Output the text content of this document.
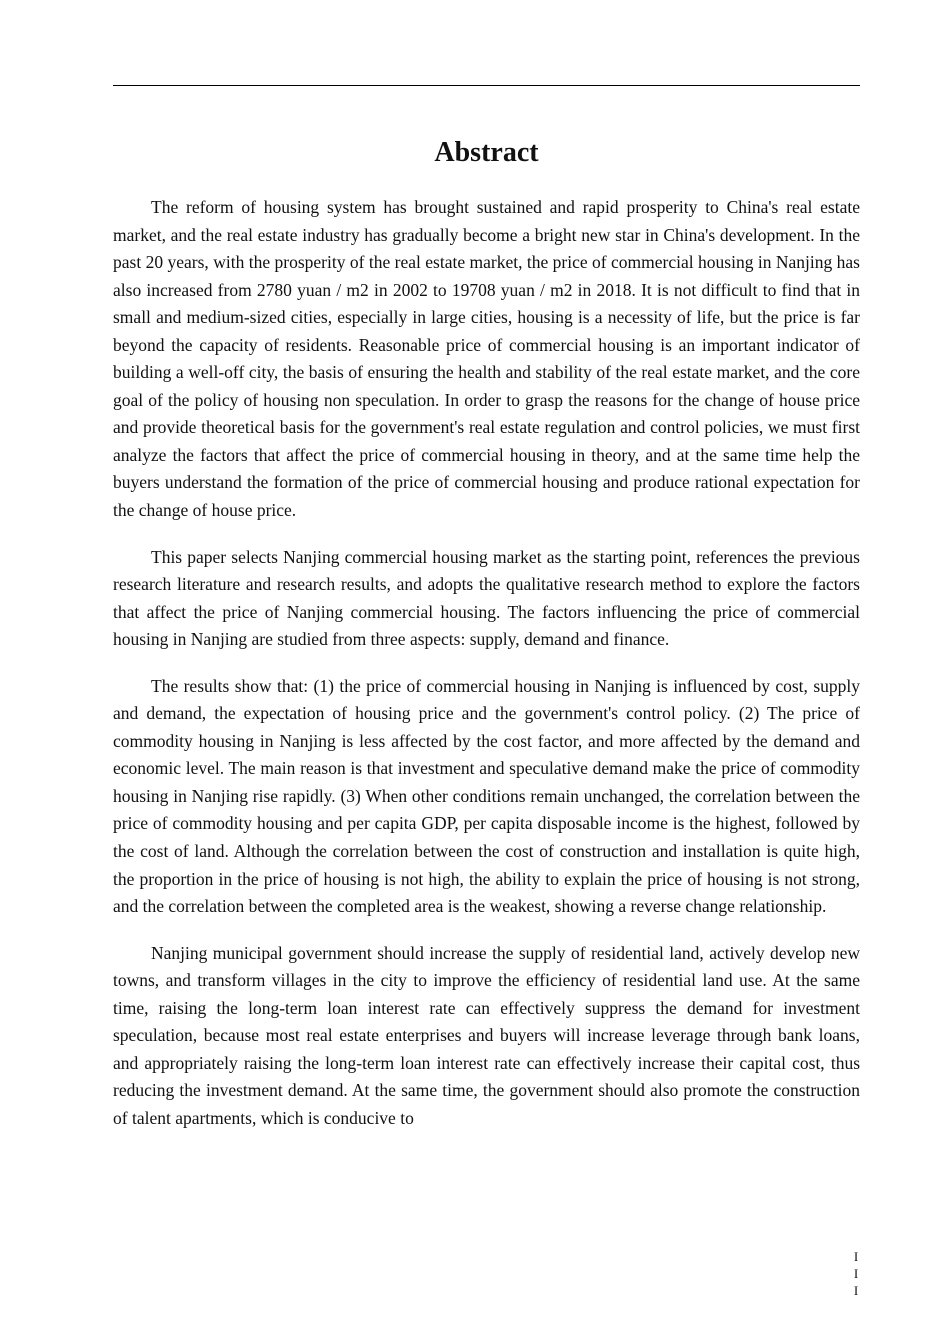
Abstract

The reform of housing system has brought sustained and rapid prosperity to China's real estate market, and the real estate industry has gradually become a bright new star in China's development. In the past 20 years, with the prosperity of the real estate market, the price of commercial housing in Nanjing has also increased from 2780 yuan / m2 in 2002 to 19708 yuan / m2 in 2018. It is not difficult to find that in small and medium-sized cities, especially in large cities, housing is a necessity of life, but the price is far beyond the capacity of residents. Reasonable price of commercial housing is an important indicator of building a well-off city, the basis of ensuring the health and stability of the real estate market, and the core goal of the policy of housing non speculation. In order to grasp the reasons for the change of house price and provide theoretical basis for the government's real estate regulation and control policies, we must first analyze the factors that affect the price of commercial housing in theory, and at the same time help the buyers understand the formation of the price of commercial housing and produce rational expectation for the change of house price.

This paper selects Nanjing commercial housing market as the starting point, references the previous research literature and research results, and adopts the qualitative research method to explore the factors that affect the price of Nanjing commercial housing. The factors influencing the price of commercial housing in Nanjing are studied from three aspects: supply, demand and finance.

The results show that: (1) the price of commercial housing in Nanjing is influenced by cost, supply and demand, the expectation of housing price and the government's control policy. (2) The price of commodity housing in Nanjing is less affected by the cost factor, and more affected by the demand and economic level. The main reason is that investment and speculative demand make the price of commodity housing in Nanjing rise rapidly. (3) When other conditions remain unchanged, the correlation between the price of commodity housing and per capita GDP, per capita disposable income is the highest, followed by the cost of land. Although the correlation between the cost of construction and installation is quite high, the proportion in the price of housing is not high, the ability to explain the price of housing is not strong, and the correlation between the completed area is the weakest, showing a reverse change relationship.

Nanjing municipal government should increase the supply of residential land, actively develop new towns, and transform villages in the city to improve the efficiency of residential land use. At the same time, raising the long-term loan interest rate can effectively suppress the demand for investment speculation, because most real estate enterprises and buyers will increase leverage through bank loans, and appropriately raising the long-term loan interest rate can effectively increase their capital cost, thus reducing the investment demand. At the same time, the government should also promote the construction of talent apartments, which is conducive to

I
I
I
